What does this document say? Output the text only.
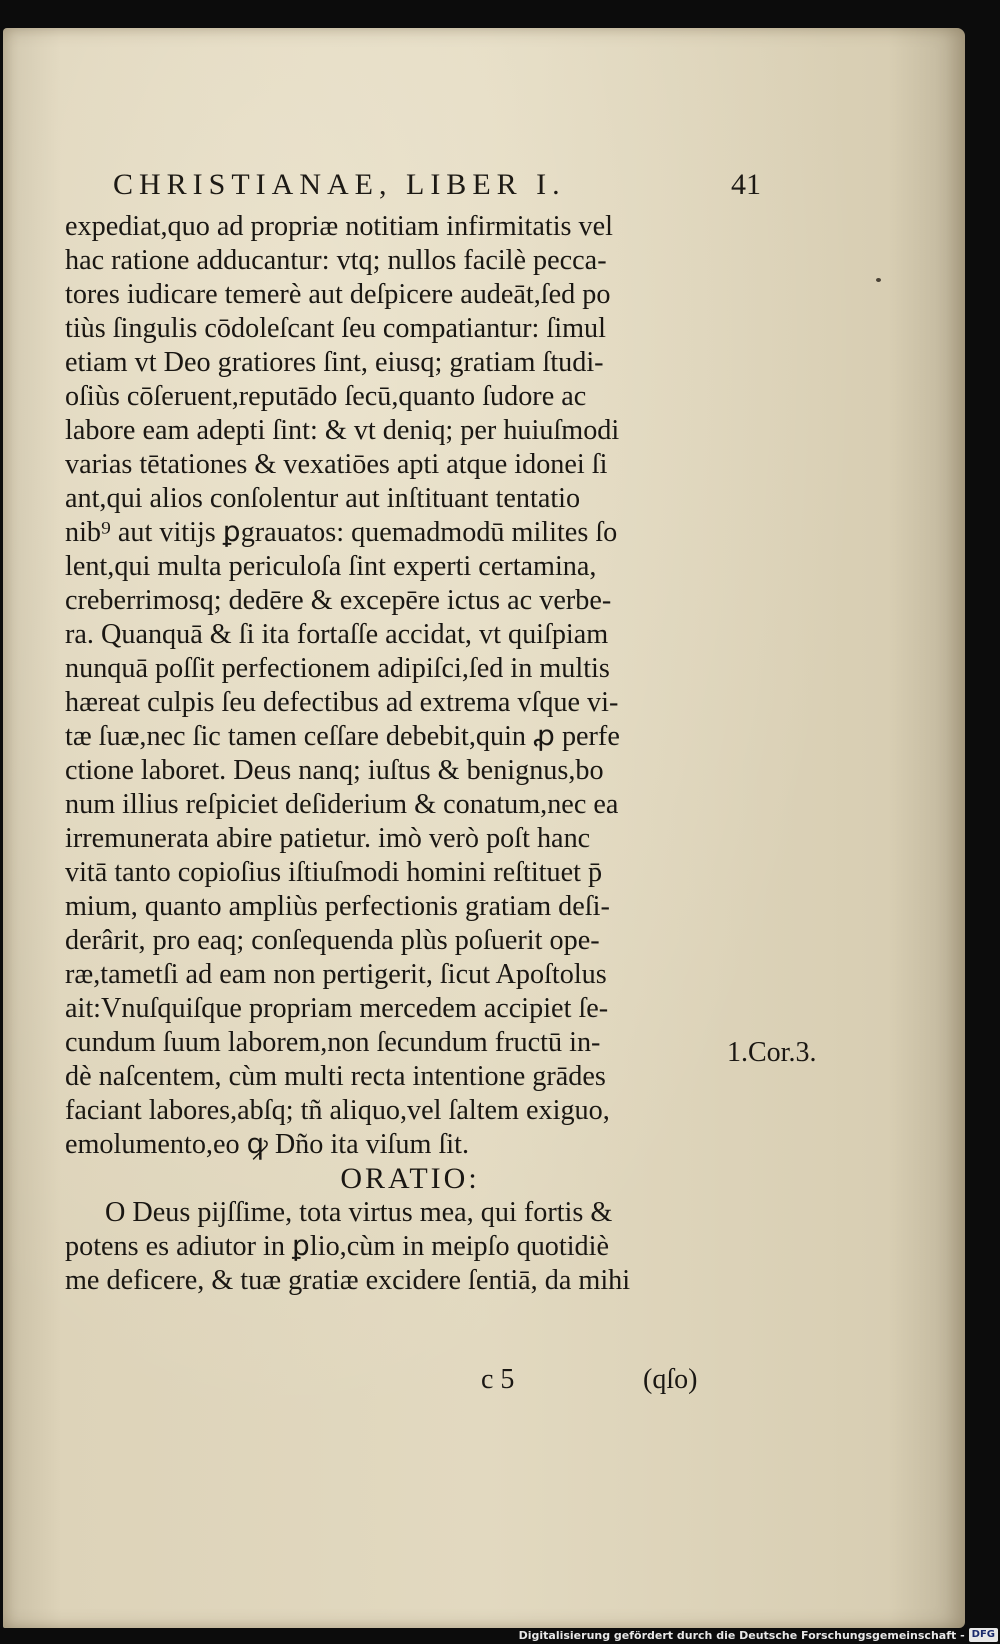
CHRISTIANAE, LIBER I.	41
expediat,quo ad propriæ notitiam infirmitatis vel
hac ratione adducantur: vtq; nullos facilè pecca-
tores iudicare temerè aut deſpicere audeāt,ſed po
tiùs ſingulis cōdoleſcant ſeu compatiantur: ſimul
etiam vt Deo gratiores ſint, eiusq; gratiam ſtudi-
oſiùs cōſeruent,reputādo ſecū,quanto ſudore ac
labore eam adepti ſint: & vt deniq; per huiuſmodi
varias tētationes & vexatiōes apti atque idonei ſi
ant,qui alios conſolentur aut inſtituant tentatio
nib⁹ aut vitijs ꝑgrauatos: quemadmodū milites ſo
lent,qui multa periculoſa ſint experti certamina,
creberrimosq; dedēre & excepēre ictus ac verbe-
ra. Quanquā & ſi ita fortaſſe accidat, vt quiſpiam
nunquā poſſit perfectionem adipiſci,ſed in multis
hæreat culpis ſeu defectibus ad extrema vſque vi-
tæ ſuæ,nec ſic tamen ceſſare debebit,quin ꝓ perfe
ctione laboret. Deus nanq; iuſtus & benignus,bo
num illius reſpiciet deſiderium & conatum,nec ea
irremunerata abire patietur. imò verò poſt hanc
vitā tanto copioſius iſtiuſmodi homini reſtituet p̄
mium, quanto ampliùs perfectionis gratiam deſi-
derârit, pro eaq; conſequenda plùs poſuerit ope-
ræ,tametſi ad eam non pertigerit, ſicut Apoſtolus
ait:Vnuſquiſque propriam mercedem accipiet ſe-
cundum ſuum laborem,non ſecundum fructū in-
dè naſcentem, cùm multi recta intentione grādes
faciant labores,abſq; tñ aliquo,vel ſaltem exiguo,
emolumento,eo ꝙ Dño ita viſum ſit.
ORATIO:
O Deus pijſſime, tota virtus mea, qui fortis &
potens es adiutor in ꝑlio,cùm in meipſo quotidiè
me deficere, & tuæ gratiæ excidere ſentiā, da mihi
c 5	(qſo)
1.Cor.3.
Digitalisierung gefördert durch die Deutsche Forschungsgemeinschaft - DFG
